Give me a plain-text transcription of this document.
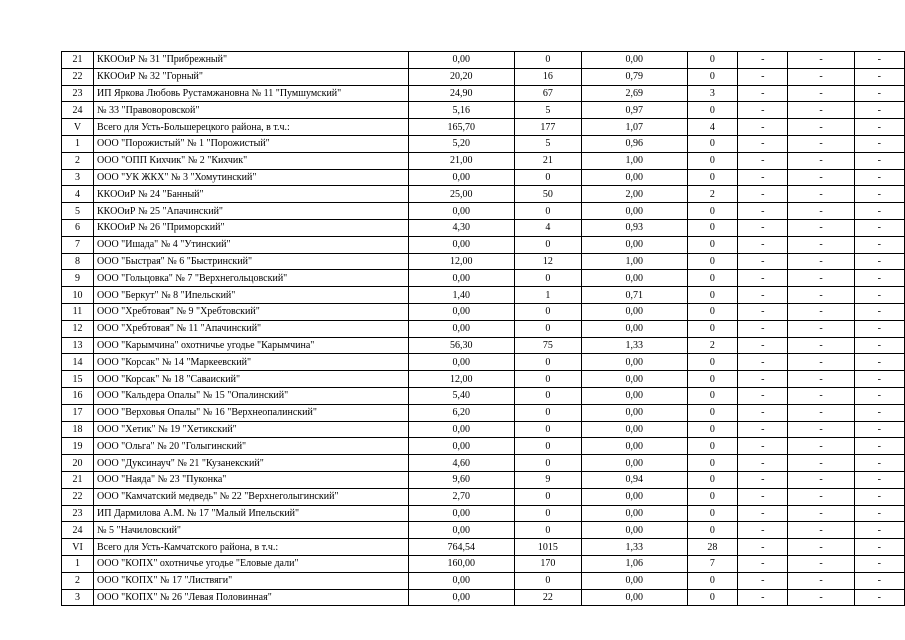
21	ККООиР № 31 "Прибрежный"	0,00	0	0,00	0	-	-	-
22	ККООиР № 32 "Горный"	20,20	16	0,79	0	-	-	-
23	ИП Яркова Любовь Рустамжановна № 11 "Пумшумский"	24,90	67	2,69	3	-	-	-
24	№ 33 "Правоворовской"	5,16	5	0,97	0	-	-	-
V	Всего для Усть-Большерецкого района, в т.ч.:	165,70	177	1,07	4	-	-	-
1	ООО "Порожистый" № 1 "Порожистый"	5,20	5	0,96	0	-	-	-
2	ООО "ОПП Кихчик" № 2 "Кихчик"	21,00	21	1,00	0	-	-	-
3	ООО "УК ЖКХ" № 3 "Хомутинский"	0,00	0	0,00	0	-	-	-
4	ККООиР № 24 "Банный"	25,00	50	2,00	2	-	-	-
5	ККООиР № 25 "Апачинский"	0,00	0	0,00	0	-	-	-
6	ККООиР № 26 "Приморский"	4,30	4	0,93	0	-	-	-
7	ООО "Ишада" № 4 "Утинский"	0,00	0	0,00	0	-	-	-
8	ООО "Быстрая" № 6 "Быстринский"	12,00	12	1,00	0	-	-	-
9	ООО "Гольцовка" № 7 "Верхнегольцовский"	0,00	0	0,00	0	-	-	-
10	ООО "Беркут" № 8 "Ипельский"	1,40	1	0,71	0	-	-	-
11	ООО "Хребтовая" № 9 "Хребтовский"	0,00	0	0,00	0	-	-	-
12	ООО "Хребтовая" № 11 "Апачинский"	0,00	0	0,00	0	-	-	-
13	ООО "Карымчина" охотничье угодье "Карымчина"	56,30	75	1,33	2	-	-	-
14	ООО "Корсак" № 14 "Маркеевский"	0,00	0	0,00	0	-	-	-
15	ООО "Корсак" № 18 "Саваиский"	12,00	0	0,00	0	-	-	-
16	ООО "Кальдера Опалы" № 15 "Опалинский"	5,40	0	0,00	0	-	-	-
17	ООО "Верховья Опалы" № 16 "Верхнеопалинский"	6,20	0	0,00	0	-	-	-
18	ООО "Хетик" № 19 "Хетикский"	0,00	0	0,00	0	-	-	-
19	ООО "Ольга" № 20 "Голыгинский"	0,00	0	0,00	0	-	-	-
20	ООО "Дуксинауч" № 21 "Кузанекский"	4,60	0	0,00	0	-	-	-
21	ООО "Наяда" № 23 "Пуконка"	9,60	9	0,94	0	-	-	-
22	ООО "Камчатский медведь" № 22 "Верхнеголыгинский"	2,70	0	0,00	0	-	-	-
23	ИП Дармилова А.М. № 17 "Малый Ипельский"	0,00	0	0,00	0	-	-	-
24	№ 5 "Начиловский"	0,00	0	0,00	0	-	-	-
VI	Всего для Усть-Камчатского района, в т.ч.:	764,54	1015	1,33	28	-	-	-
1	ООО "КОПХ" охотничье угодье "Еловые дали"	160,00	170	1,06	7	-	-	-
2	ООО "КОПХ" № 17 "Листвяги"	0,00	0	0,00	0	-	-	-
3	ООО "КОПХ" № 26 "Левая Половинная"	0,00	22	0,00	0	-	-	-
